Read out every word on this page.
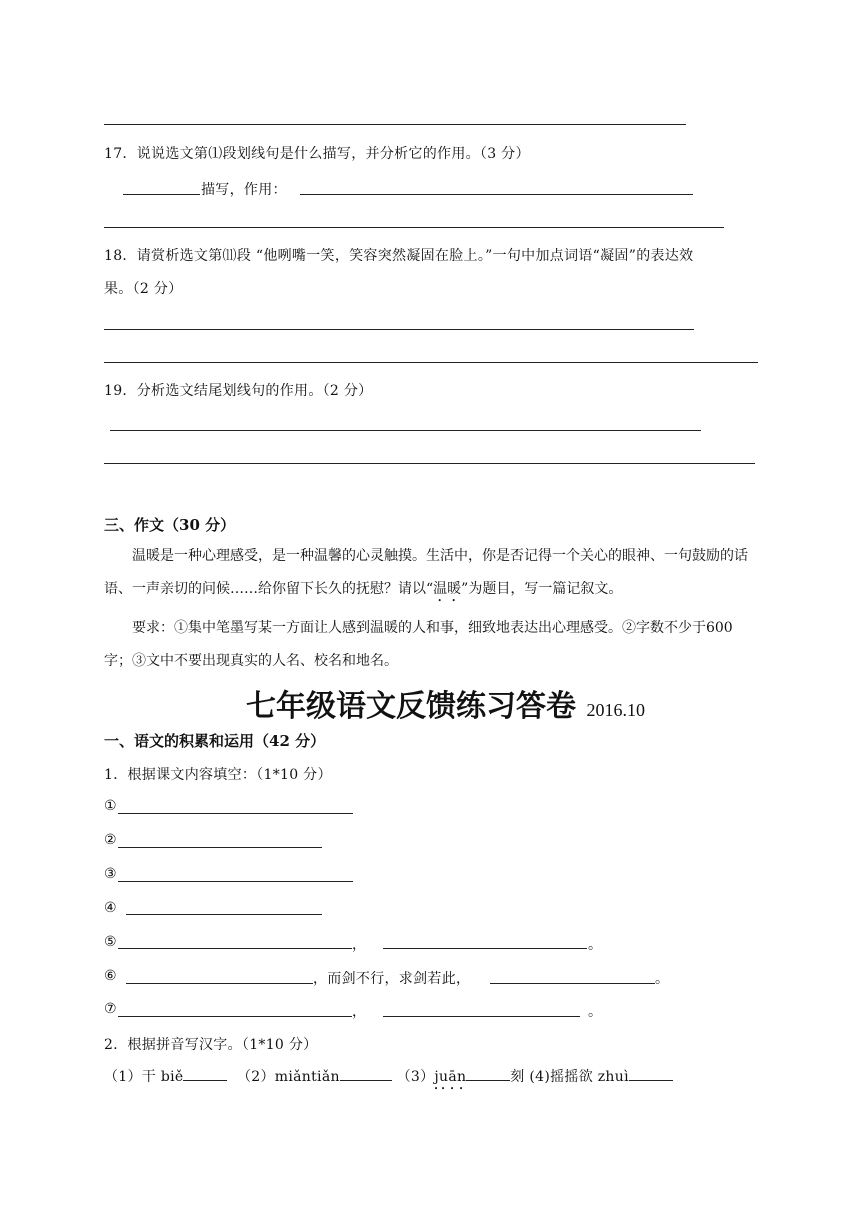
17．说说选文第⑴段划线句是什么描写，并分析它的作用。（3 分）
描写，作用：
18．请赏析选文第⑾段 “他咧嘴一笑，笑容突然凝固在脸上。”一句中加点词语“凝固”的表达效
果。（2 分）
19．分析选文结尾划线句的作用。（2 分）
三、作文（30 分）
温暖是一种心理感受，是一种温馨的心灵触摸。生活中，你是否记得一个关心的眼神、一句鼓励的话语、一声亲切的问候……给你留下长久的抚慰？请以“温暖”为题目，写一篇记叙文。
要求：①集中笔墨写某一方面让人感到温暖的人和事，细致地表达出心理感受。②字数不少于600 字；③文中不要出现真实的人名、校名和地名。
七年级语文反馈练习答卷 2016.10
一、语文的积累和运用（42 分）
1．根据课文内容填空：（1*10 分）
①
②
③
④
⑤	，	。
⑥	，而剑不行，求剑若此，	。
⑦	，	。
2．根据拼音写汉字。（1*10 分）
（1）干 biě	（2）miǎntiǎn	（3）juān	刻 (4)摇摇欲 zhuì
